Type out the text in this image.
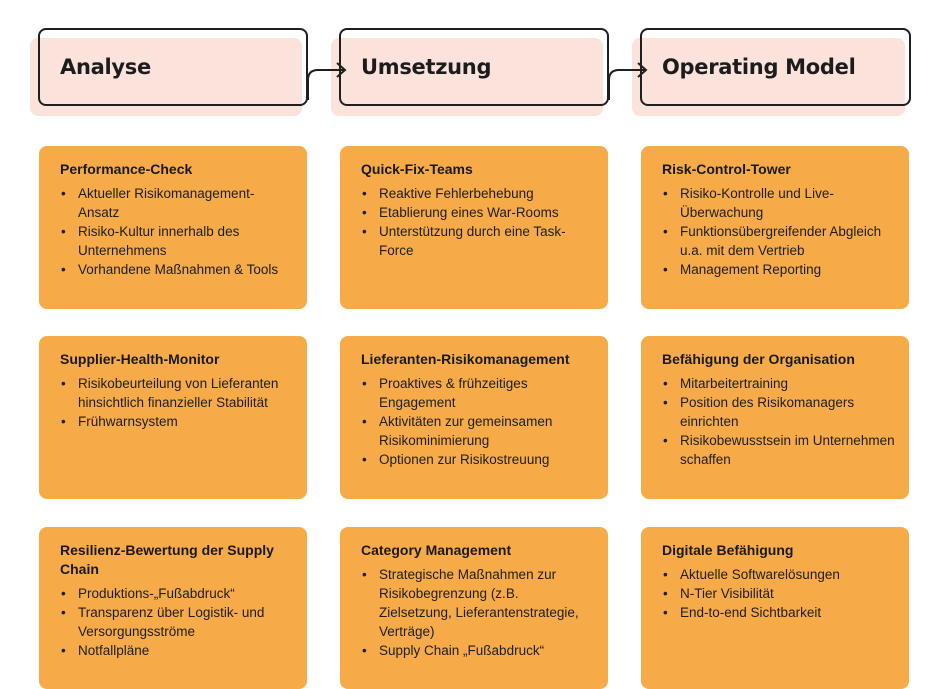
Analyse	Umsetzung	Operating Model
Performance-Check
• Aktueller Risikomanagement-Ansatz
• Risiko-Kultur innerhalb des Unternehmens
• Vorhandene Maßnahmen & Tools
Quick-Fix-Teams
• Reaktive Fehlerbehebung
• Etablierung eines War-Rooms
• Unterstützung durch eine Task-Force
Risk-Control-Tower
• Risiko-Kontrolle und Live-Überwachung
• Funktionsübergreifender Abgleich u.a. mit dem Vertrieb
• Management Reporting
Supplier-Health-Monitor
• Risikobeurteilung von Lieferanten hinsichtlich finanzieller Stabilität
• Frühwarnsystem
Lieferanten-Risikomanagement
• Proaktives & frühzeitiges Engagement
• Aktivitäten zur gemeinsamen Risikominimierung
• Optionen zur Risikostreuung
Befähigung der Organisation
• Mitarbeitertraining
• Position des Risikomanagers einrichten
• Risikobewusstsein im Unternehmen schaffen
Resilienz-Bewertung der Supply Chain
• Produktions-„Fußabdruck“
• Transparenz über Logistik- und Versorgungsströme
• Notfallpläne
Category Management
• Strategische Maßnahmen zur Risikobegrenzung (z.B. Zielsetzung, Lieferantenstrategie, Verträge)
• Supply Chain „Fußabdruck“
Digitale Befähigung
• Aktuelle Softwarelösungen
• N-Tier Visibilität
• End-to-end Sichtbarkeit
